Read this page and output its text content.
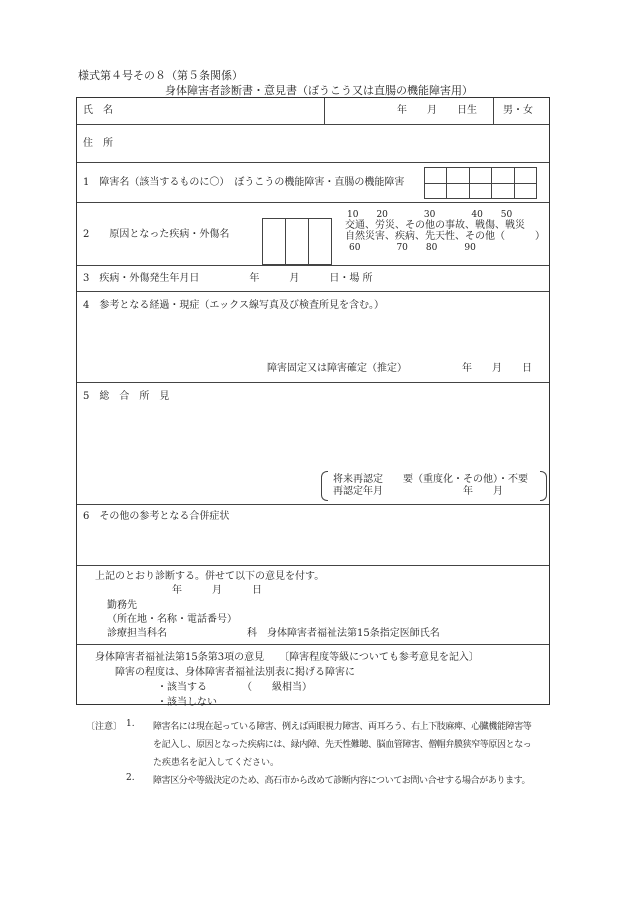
様式第４号その８（第５条関係）
身体障害者診断書・意見書（ぼうこう又は直腸の機能障害用）
氏　名	年　　月　　日生	男・女
住　所
1　障害名（該当するものに〇）　ぼうこうの機能障害・直腸の機能障害
2　　原因となった疾病・外傷名
10　　20　　　　30　　　　40　　50
交通、労災、その他の事故、戦傷、戦災
自然災害、疾病、先天性、その他（　　　）
60　　　　70　　80　　　90
3　疾病・外傷発生年月日　　　　　年　　　月　　　日・場 所
4　参考となる経過・現症（エックス線写真及び検査所見を含む。）
障害固定又は障害確定（推定）　　　　　　年　　月　　日
5　総　合　所　見
将来再認定　　要（重度化・その他）・不要
再認定年月　　　　　　　　年　　月
6　その他の参考となる合併症状
上記のとおり診断する。併せて以下の意見を付す。
年　　　月　　　日
勤務先
（所在地・名称・電話番号）
診療担当科名　　　　　　　　科　身体障害者福祉法第15条指定医師氏名
身体障害者福祉法第15条第3項の意見　　〔障害程度等級についても参考意見を記入〕
障害の程度は、身体障害者福祉法別表に掲げる障害に
・該当する　　　　（　　級相当）
・該当しない
〔注意〕 1. 障害名には現在起っている障害、例えば両眼視力障害、両耳ろう、右上下肢麻痺、心臓機能障害等
を記入し、原因となった疾病には、緑内障、先天性難聴、脳血管障害、僧帽弁膜狭窄等原因となっ
た疾患名を記入してください。
2. 障害区分や等級決定のため、高石市から改めて診断内容についてお問い合せする場合があります。
